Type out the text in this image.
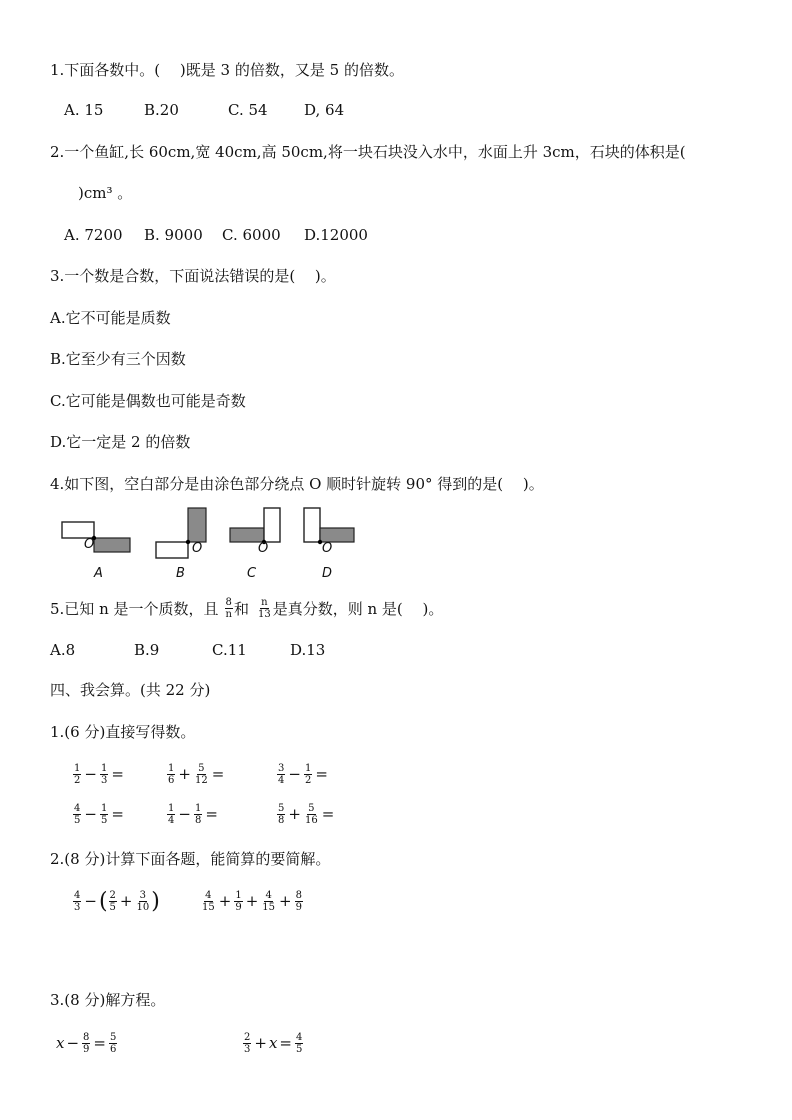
1.下面各数中。(　 )既是 3 的倍数，又是 5 的倍数。
A. 15	B.20	C. 54 D, 64
2.一个鱼缸,长 60cm,宽 40cm,高 50cm,将一块石块没入水中，水面上升 3cm，石块的体积是(
)cm³ 。
A. 7200 B. 9000 C. 6000 D.12000
3.一个数是合数，下面说法错误的是(　 )。
A.它不可能是质数
B.它至少有三个因数
C.它可能是偶数也可能是奇数
D.它一定是 2 的倍数
4.如下图，空白部分是由涂色部分绕点 O 顺时针旋转 90° 得到的是(　 )。
O
A
O
B
O
C
O
D
5.已知 n 是一个质数，且 $\frac{8}{n}$ 和 $\frac{n}{13}$ 是真分数，则 n 是(　 )。
A.8	B.9	C.11	D.13
四、我会算。(共 22 分)
1.(6 分)直接写得数。
$\frac{1}{2} - \frac{1}{3}$ =	$\frac{1}{6} + \frac{5}{12}$ =	$\frac{3}{4} - \frac{1}{2}$ =
$\frac{4}{5} - \frac{1}{5}$ =	$\frac{1}{4} - \frac{1}{8}$ =	$\frac{5}{8} + \frac{5}{16}$ =
2.(8 分)计算下面各题，能简算的要简解。
$\frac{4}{3}$ − ( $\frac{2}{5} + \frac{3}{10}$ )	$\frac{4}{15} + \frac{1}{9} + \frac{4}{15} + \frac{8}{9}$
3.(8 分)解方程。
$x - \frac{8}{9} = \frac{5}{6}$	$\frac{2}{3} + x = \frac{4}{5}$
